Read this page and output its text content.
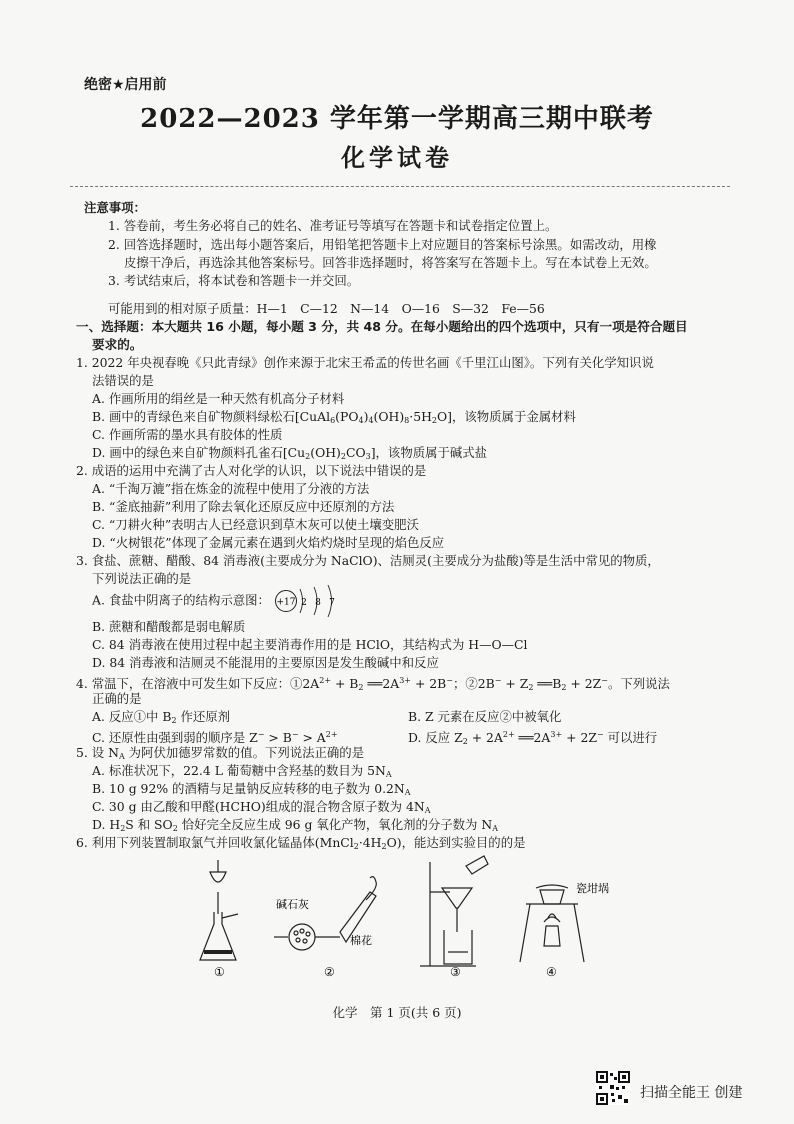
绝密★启用前
2022—2023 学年第一学期高三期中联考
化学试卷
注意事项：
1. 答卷前，考生务必将自己的姓名、准考证号等填写在答题卡和试卷指定位置上。
2. 回答选择题时，选出每小题答案后，用铅笔把答题卡上对应题目的答案标号涂黑。如需改动，用橡
皮擦干净后，再选涂其他答案标号。回答非选择题时，将答案写在答题卡上。写在本试卷上无效。
3. 考试结束后，将本试卷和答题卡一并交回。
可能用到的相对原子质量：H—1　C—12　N—14　O—16　S—32　Fe—56
一、选择题：本大题共 16 小题，每小题 3 分，共 48 分。在每小题给出的四个选项中，只有一项是符合题目
要求的。
1. 2022 年央视春晚《只此青绿》创作来源于北宋王希孟的传世名画《千里江山图》。下列有关化学知识说
法错误的是
A. 作画所用的绢丝是一种天然有机高分子材料
B. 画中的青绿色来自矿物颜料绿松石$[CuAl_6(PO_4)_4(OH)_8\cdot 5H_2O]$，该物质属于金属材料
C. 作画所需的墨水具有胶体的性质
D. 画中的绿色来自矿物颜料孔雀石$[Cu_2(OH)_2CO_3]$，该物质属于碱式盐
2. 成语的运用中充满了古人对化学的认识，以下说法中错误的是
A. “千淘万漉”指在炼金的流程中使用了分液的方法
B. “釜底抽薪”利用了除去氧化还原反应中还原剂的方法
C. “刀耕火种”表明古人已经意识到草木灰可以使土壤变肥沃
D. “火树银花”体现了金属元素在遇到火焰灼烧时呈现的焰色反应
3. 食盐、蔗糖、醋酸、84 消毒液(主要成分为 NaClO)、洁厕灵(主要成分为盐酸)等是生活中常见的物质，
下列说法正确的是
A. 食盐中阴离子的结构示意图： +17 2 8 7
B. 蔗糖和醋酸都是弱电解质
C. 84 消毒液在使用过程中起主要消毒作用的是 HClO，其结构式为 H—O—Cl
D. 84 消毒液和洁厕灵不能混用的主要原因是发生酸碱中和反应
4. 常温下，在溶液中可发生如下反应：$①2A^{2+} + B_2$ $══2A^{3+} + 2B^-$；②2B− + $Z_2$ $══B_2 + 2Z^-$。下列说法
正确的是
A. 反应①中 $B_2$ 作还原剂	B. Z 元素在反应②中被氧化
C. 还原性由强到弱的顺序是 $Z^- > B^- > A^{2+}$	D. 反应 $Z_2 + 2A^{2+}$ $══2A^{3+} + 2Z^-$ 可以进行
5. 设 $N_A$ 为阿伏加德罗常数的值。下列说法正确的是
A. 标准状况下，22.4 L 葡萄糖中含羟基的数目为 $5N_A$
B. 10 g 92% 的酒精与足量钠反应转移的电子数为 $0.2N_A$
C. 30 g 由乙酸和甲醛(HCHO)组成的混合物含原子数为 $4N_A$
D. $H_2S$ 和 $SO_2$ 恰好完全反应生成 96 g 氧化产物，氧化剂的分子数为 $N_A$
6. 利用下列装置制取氯气并回收氯化锰晶体$(MnCl_2\cdot 4H_2O)$，能达到实验目的的是
碱石灰
棉花
瓷坩埚
①	②	③	④
化学　第 1 页(共 6 页)
扫描全能王 创建
